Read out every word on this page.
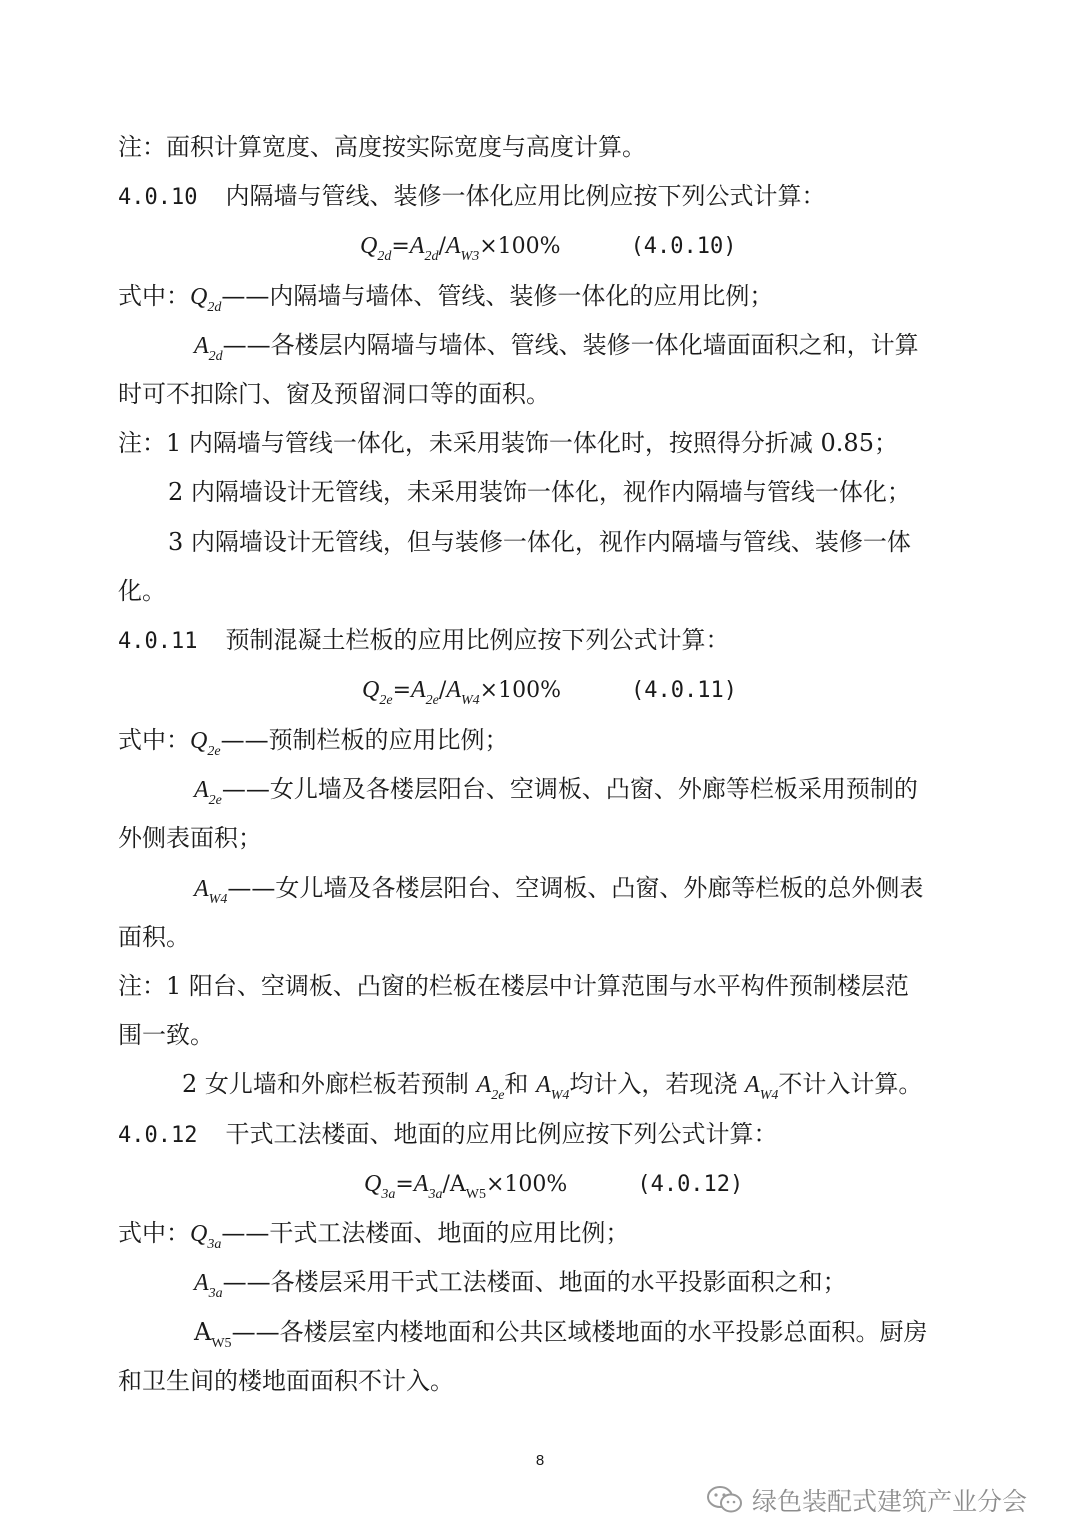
注：面积计算宽度、高度按实际宽度与高度计算。
4.0.10 内隔墙与管线、装修一体化应用比例应按下列公式计算：
$Q_{2d}=A_{2d}/A_{W3}\times 100\%$	(4.0.10)
式中：$Q_{2d}——$内隔墙与墙体、管线、装修一体化的应用比例；
$A_{2d}——$各楼层内隔墙与墙体、管线、装修一体化墙面面积之和，计算
时可不扣除门、窗及预留洞口等的面积。
注：1 内隔墙与管线一体化，未采用装饰一体化时，按照得分折减 0.85；
2 内隔墙设计无管线，未采用装饰一体化，视作内隔墙与管线一体化；
3 内隔墙设计无管线，但与装修一体化，视作内隔墙与管线、装修一体
化。
4.0.11 预制混凝土栏板的应用比例应按下列公式计算：
$Q_{2e}=A_{2e}/A_{W4}\times 100\%$	(4.0.11)
式中：$Q_{2e}——$预制栏板的应用比例；
$A_{2e}——$女儿墙及各楼层阳台、空调板、凸窗、外廊等栏板采用预制的
外侧表面积；
$A_{W4}——$女儿墙及各楼层阳台、空调板、凸窗、外廊等栏板的总外侧表
面积。
注：1 阳台、空调板、凸窗的栏板在楼层中计算范围与水平构件预制楼层范
围一致。
2 女儿墙和外廊栏板若预制 $A_{2e}$和 $A_{W4}$均计入，若现浇 $A_{W4}$不计入计算。
4.0.12 干式工法楼面、地面的应用比例应按下列公式计算：
$Q_{3a}=A_{3a}/A_{W5}\times 100\%$	(4.0.12)
式中：$Q_{3a}——$干式工法楼面、地面的应用比例；
$A_{3a}——$各楼层采用干式工法楼面、地面的水平投影面积之和；
$A_{W5}——$各楼层室内楼地面和公共区域楼地面的水平投影总面积。厨房
和卫生间的楼地面面积不计入。
8
绿色装配式建筑产业分会
